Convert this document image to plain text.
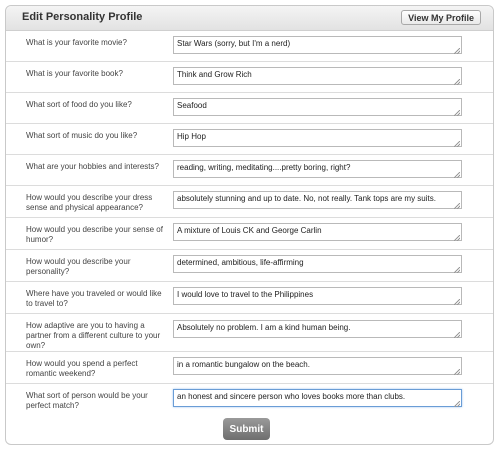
Edit Personality Profile	View My Profile
What is your favorite movie?	Star Wars (sorry, but I'm a nerd)
What is your favorite book?	Think and Grow Rich
What sort of food do you like?	Seafood
What sort of music do you like?	Hip Hop
What are your hobbies and interests?	reading, writing, meditating....pretty boring, right?
How would you describe your dress sense and physical appearance?
absolutely stunning and up to date. No, not really. Tank tops are my suits.
How would you describe your sense of humor?
A mixture of Louis CK and George Carlin
How would you describe your personality?
determined, ambitious, life-affirming
Where have you traveled or would like to travel to?
I would love to travel to the Philippines
How adaptive are you to having a partner from a different culture to your own?
Absolutely no problem. I am a kind human being.
How would you spend a perfect romantic weekend?
in a romantic bungalow on the beach.
What sort of person would be your perfect match?
an honest and sincere person who loves books more than clubs.
Submit
